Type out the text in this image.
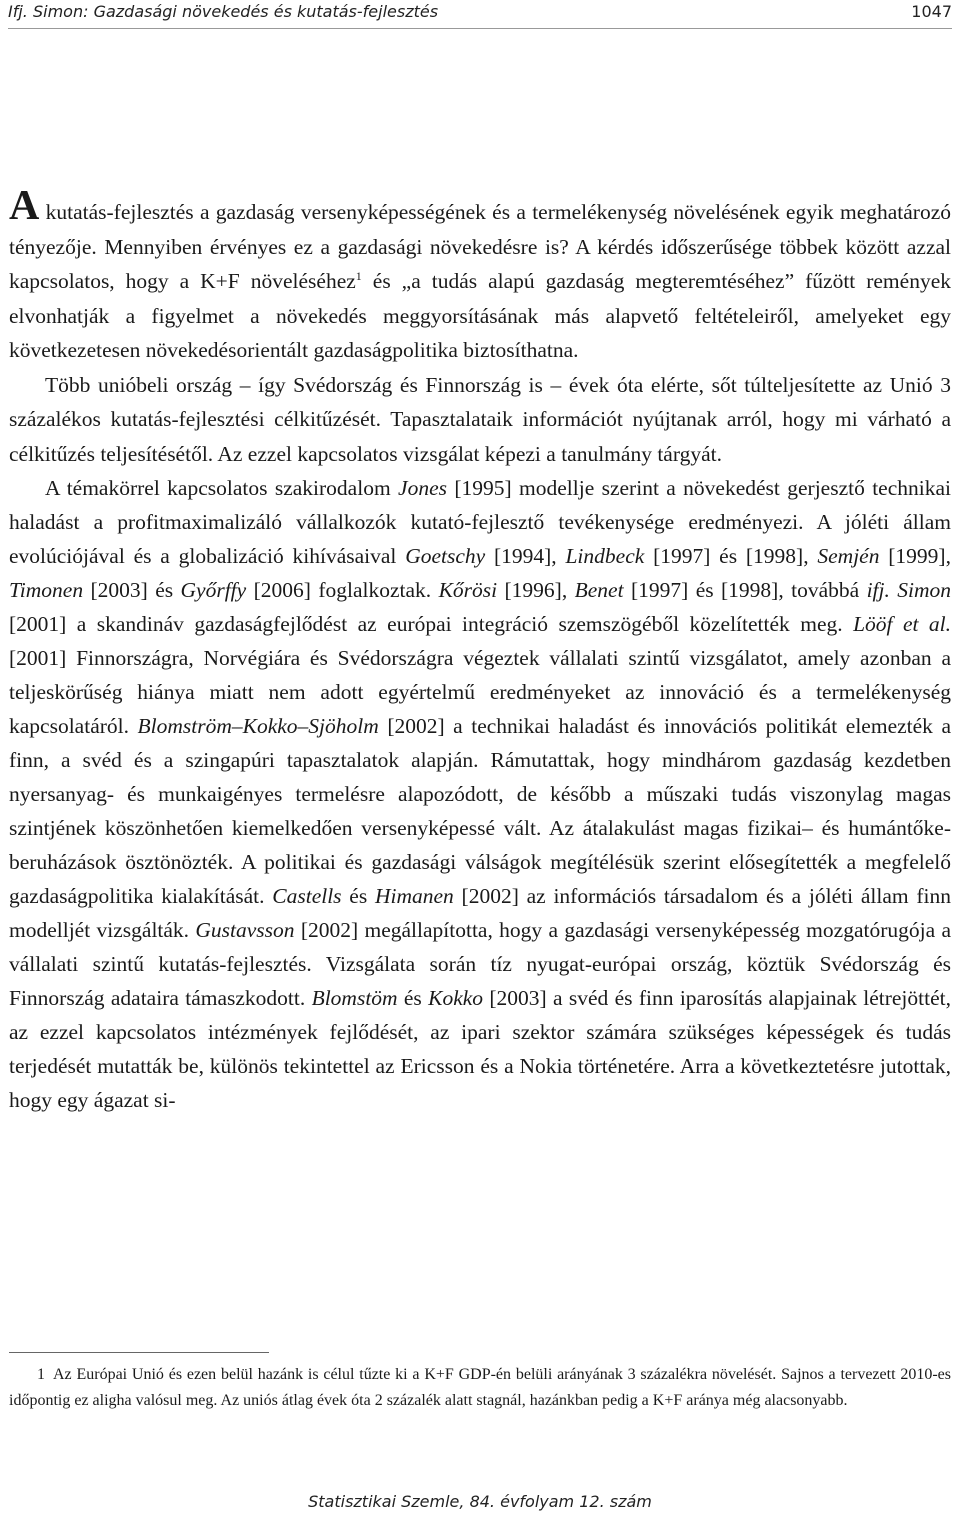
Ifj. Simon: Gazdasági növekedés és kutatás-fejlesztés	1047

A kutatás-fejlesztés a gazdaság versenyképességének és a termelékenység növelésének egyik meghatározó tényezője. Mennyiben érvényes ez a gazdasági növekedésre is? A kérdés időszerűsége többek között azzal kapcsolatos, hogy a K+F növeléséhez$^1$ és „a tudás alapú gazdaság megteremtéséhez” fűzött remények elvonhatják a figyelmet a növekedés meggyorsításának más alapvető feltételeiről, amelyeket egy következetesen növekedésorientált gazdaságpolitika biztosíthatna.

Több unióbeli ország – így Svédország és Finnország is – évek óta elérte, sőt túlteljesítette az Unió 3 százalékos kutatás-fejlesztési célkitűzését. Tapasztalataik információt nyújtanak arról, hogy mi várható a célkitűzés teljesítésétől. Az ezzel kapcsolatos vizsgálat képezi a tanulmány tárgyát.

A témakörrel kapcsolatos szakirodalom Jones [1995] modellje szerint a növekedést gerjesztő technikai haladást a profitmaximalizáló vállalkozók kutató-fejlesztő tevékenysége eredményezi. A jóléti állam evolúciójával és a globalizáció kihívásaival Goetschy [1994], Lindbeck [1997] és [1998], Semjén [1999], Timonen [2003] és Győrffy [2006] foglalkoztak. Kőrösi [1996], Benet [1997] és [1998], továbbá ifj. Simon [2001] a skandináv gazdaságfejlődést az európai integráció szemszögéből közelítették meg. Lööf et al. [2001] Finnországra, Norvégiára és Svédországra végeztek vállalati szintű vizsgálatot, amely azonban a teljeskörűség hiánya miatt nem adott egyértelmű eredményeket az innováció és a termelékenység kapcsolatáról. Blomström–Kokko–Sjöholm [2002] a technikai haladást és innovációs politikát elemezték a finn, a svéd és a szingapúri tapasztalatok alapján. Rámutattak, hogy mindhárom gazdaság kezdetben nyersanyag- és munkaigényes termelésre alapozódott, de később a műszaki tudás viszonylag magas szintjének köszönhetően kiemelkedően versenyképessé vált. Az átalakulást magas fizikai– és humántőke-beruházások ösztönözték. A politikai és gazdasági válságok megítélésük szerint elősegítették a megfelelő gazdaságpolitika kialakítását. Castells és Himanen [2002] az információs társadalom és a jóléti állam finn modelljét vizsgálták. Gustavsson [2002] megállapította, hogy a gazdasági versenyképesség mozgatórugója a vállalati szintű kutatás-fejlesztés. Vizsgálata során tíz nyugat-európai ország, köztük Svédország és Finnország adataira támaszkodott. Blomstöm és Kokko [2003] a svéd és finn iparosítás alapjainak létrejöttét, az ezzel kapcsolatos intézmények fejlődését, az ipari szektor számára szükséges képességek és tudás terjedését mutatták be, különös tekintettel az Ericsson és a Nokia történetére. Arra a következtetésre jutottak, hogy egy ágazat si-

1 Az Európai Unió és ezen belül hazánk is célul tűzte ki a K+F GDP-én belüli arányának 3 százalékra növelését. Sajnos a tervezett 2010-es időpontig ez aligha valósul meg. Az uniós átlag évek óta 2 százalék alatt stagnál, hazánkban pedig a K+F aránya még alacsonyabb.
Statisztikai Szemle, 84. évfolyam 12. szám
